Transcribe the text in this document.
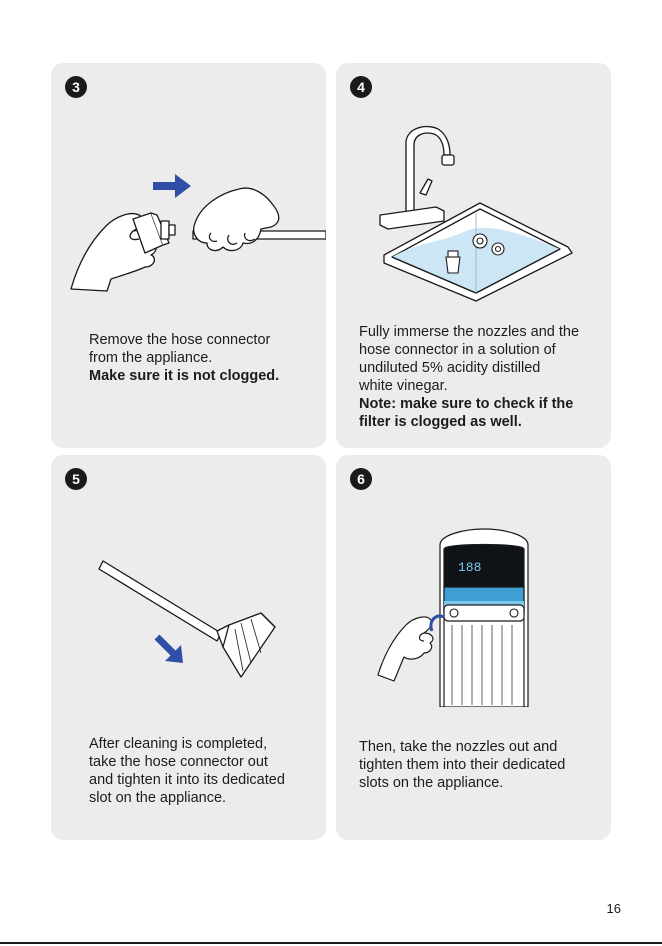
3

Remove the hose connector

from the appliance.

Make sure it is not clogged.

4

Fully immerse the nozzles and the

hose connector in a solution of

undiluted 5% acidity distilled

white vinegar.

Note: make sure to check if the

filter is clogged as well.

5

After cleaning is completed,

take the hose connector out

and tighten it into its dedicated

slot on the appliance.

6
188

Then, take the nozzles out and

tighten them into their dedicated

slots on the appliance.

16
